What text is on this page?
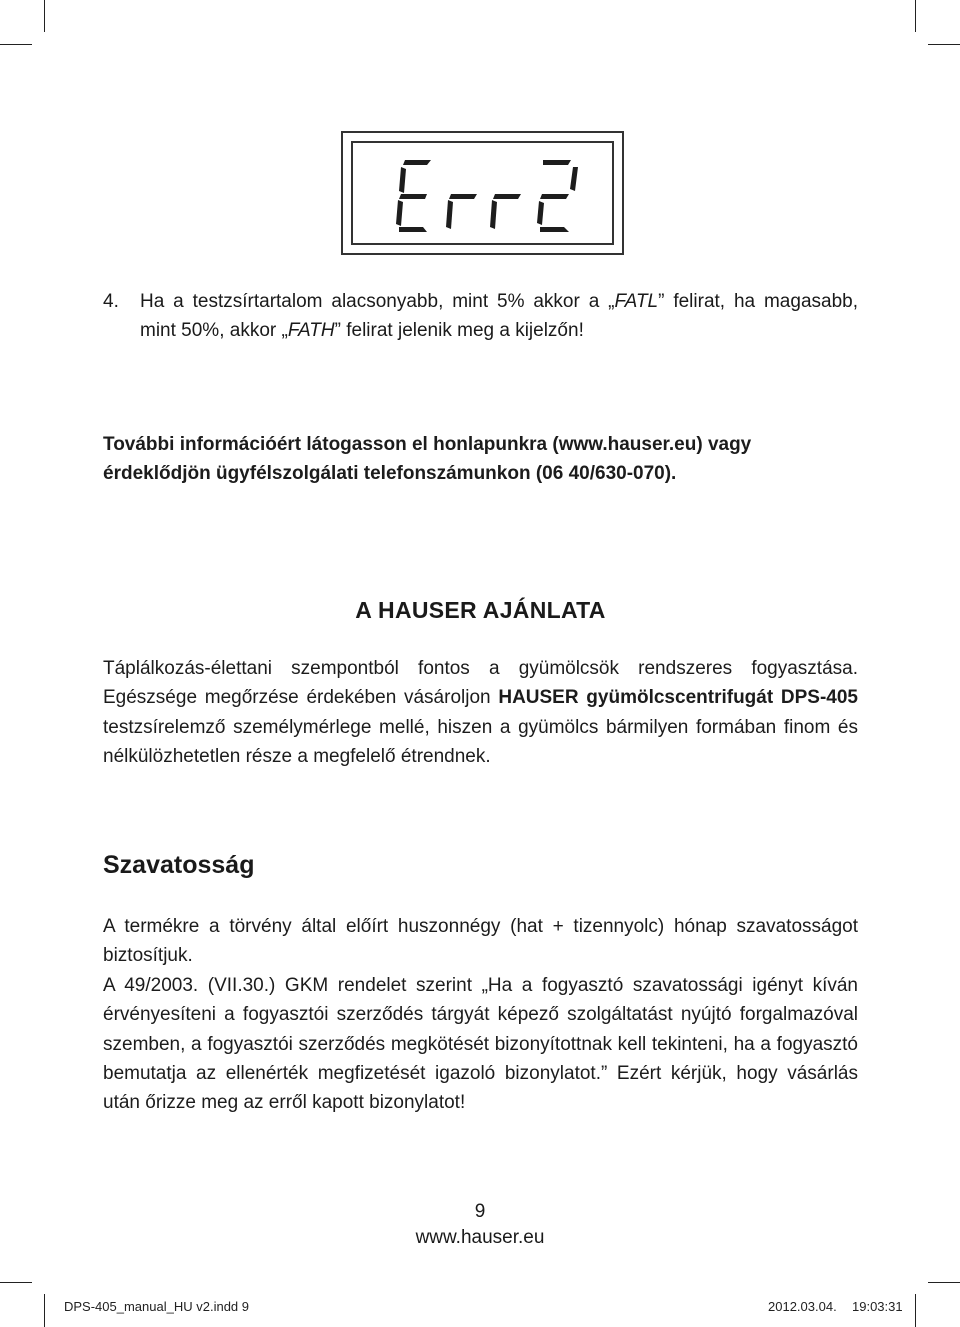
4. Ha a testzsírtartalom alacsonyabb, mint 5% akkor a „FATL” felirat, ha magasabb, mint 50%, akkor „FATH” felirat jelenik meg a kijelzőn!
További információért látogasson el honlapunkra (www.hauser.eu) vagy érdeklődjön ügyfélszolgálati telefonszámunkon (06 40/630-070).
A HAUSER AJÁNLATA
Táplálkozás-élettani szempontból fontos a gyümölcsök rendszeres fogyasztása. Egészsége megőrzése érdekében vásároljon HAUSER gyümölcscentrifugát DPS-405 testzsírelemző személymérlege mellé, hiszen a gyümölcs bármilyen formában finom és nélkülözhetetlen része a megfelelő étrendnek.
Szavatosság
A termékre a törvény által előírt huszonnégy (hat + tizennyolc) hónap szavatosságot biztosítjuk.
A 49/2003. (VII.30.) GKM rendelet szerint „Ha a fogyasztó szavatossági igényt kíván érvényesíteni a fogyasztói szerződés tárgyát képező szolgáltatást nyújtó forgalmazóval szemben, a fogyasztói szerződés megkötését bizonyítottnak kell tekinteni, ha a fogyasztó bemutatja az ellenérték megfizetését igazoló bizonylatot.” Ezért kérjük, hogy vásárlás után őrizze meg az erről kapott bizonylatot!
9
www.hauser.eu
DPS-405_manual_HU v2.indd 9	2012.03.04. 19:03:31
